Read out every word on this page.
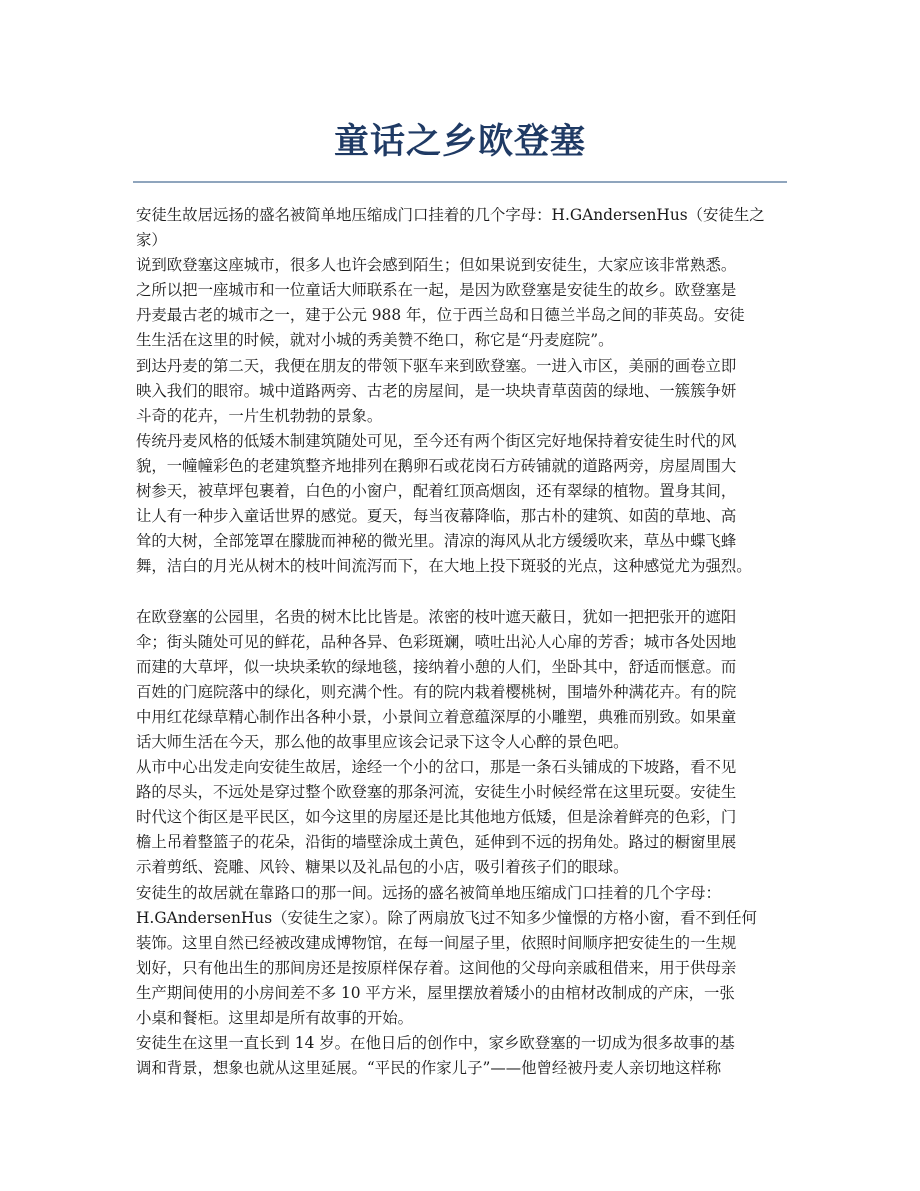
童话之乡欧登塞
安徒生故居远扬的盛名被简单地压缩成门口挂着的几个字母：H.GAndersenHus（安徒生之
家）
说到欧登塞这座城市，很多人也许会感到陌生；但如果说到安徒生，大家应该非常熟悉。
之所以把一座城市和一位童话大师联系在一起，是因为欧登塞是安徒生的故乡。欧登塞是
丹麦最古老的城市之一，建于公元 988 年，位于西兰岛和日德兰半岛之间的菲英岛。安徒
生生活在这里的时候，就对小城的秀美赞不绝口，称它是“丹麦庭院”。
到达丹麦的第二天，我便在朋友的带领下驱车来到欧登塞。一进入市区，美丽的画卷立即
映入我们的眼帘。城中道路两旁、古老的房屋间，是一块块青草茵茵的绿地、一簇簇争妍
斗奇的花卉，一片生机勃勃的景象。
传统丹麦风格的低矮木制建筑随处可见，至今还有两个街区完好地保持着安徒生时代的风
貌，一幢幢彩色的老建筑整齐地排列在鹅卵石或花岗石方砖铺就的道路两旁，房屋周围大
树参天，被草坪包裹着，白色的小窗户，配着红顶高烟囱，还有翠绿的植物。置身其间，
让人有一种步入童话世界的感觉。夏天，每当夜幕降临，那古朴的建筑、如茵的草地、高
耸的大树，全部笼罩在朦胧而神秘的微光里。清凉的海风从北方缓缓吹来，草丛中蝶飞蜂
舞，洁白的月光从树木的枝叶间流泻而下，在大地上投下斑驳的光点，这种感觉尤为强烈。
在欧登塞的公园里，名贵的树木比比皆是。浓密的枝叶遮天蔽日，犹如一把把张开的遮阳
伞；街头随处可见的鲜花，品种各异、色彩斑斓，喷吐出沁人心扉的芳香；城市各处因地
而建的大草坪，似一块块柔软的绿地毯，接纳着小憩的人们，坐卧其中，舒适而惬意。而
百姓的门庭院落中的绿化，则充满个性。有的院内栽着樱桃树，围墙外种满花卉。有的院
中用红花绿草精心制作出各种小景，小景间立着意蕴深厚的小雕塑，典雅而别致。如果童
话大师生活在今天，那么他的故事里应该会记录下这令人心醉的景色吧。
从市中心出发走向安徒生故居，途经一个小的岔口，那是一条石头铺成的下坡路，看不见
路的尽头，不远处是穿过整个欧登塞的那条河流，安徒生小时候经常在这里玩耍。安徒生
时代这个街区是平民区，如今这里的房屋还是比其他地方低矮，但是涂着鲜亮的色彩，门
檐上吊着整篮子的花朵，沿街的墙壁涂成土黄色，延伸到不远的拐角处。路过的橱窗里展
示着剪纸、瓷雕、风铃、糖果以及礼品包的小店，吸引着孩子们的眼球。
安徒生的故居就在靠路口的那一间。远扬的盛名被简单地压缩成门口挂着的几个字母：
H.GAndersenHus（安徒生之家）。除了两扇放飞过不知多少憧憬的方格小窗，看不到任何
装饰。这里自然已经被改建成博物馆，在每一间屋子里，依照时间顺序把安徒生的一生规
划好，只有他出生的那间房还是按原样保存着。这间他的父母向亲戚租借来，用于供母亲
生产期间使用的小房间差不多 10 平方米，屋里摆放着矮小的由棺材改制成的产床，一张
小桌和餐柜。这里却是所有故事的开始。
安徒生在这里一直长到 14 岁。在他日后的创作中，家乡欧登塞的一切成为很多故事的基
调和背景，想象也就从这里延展。“平民的作家儿子”——他曾经被丹麦人亲切地这样称
